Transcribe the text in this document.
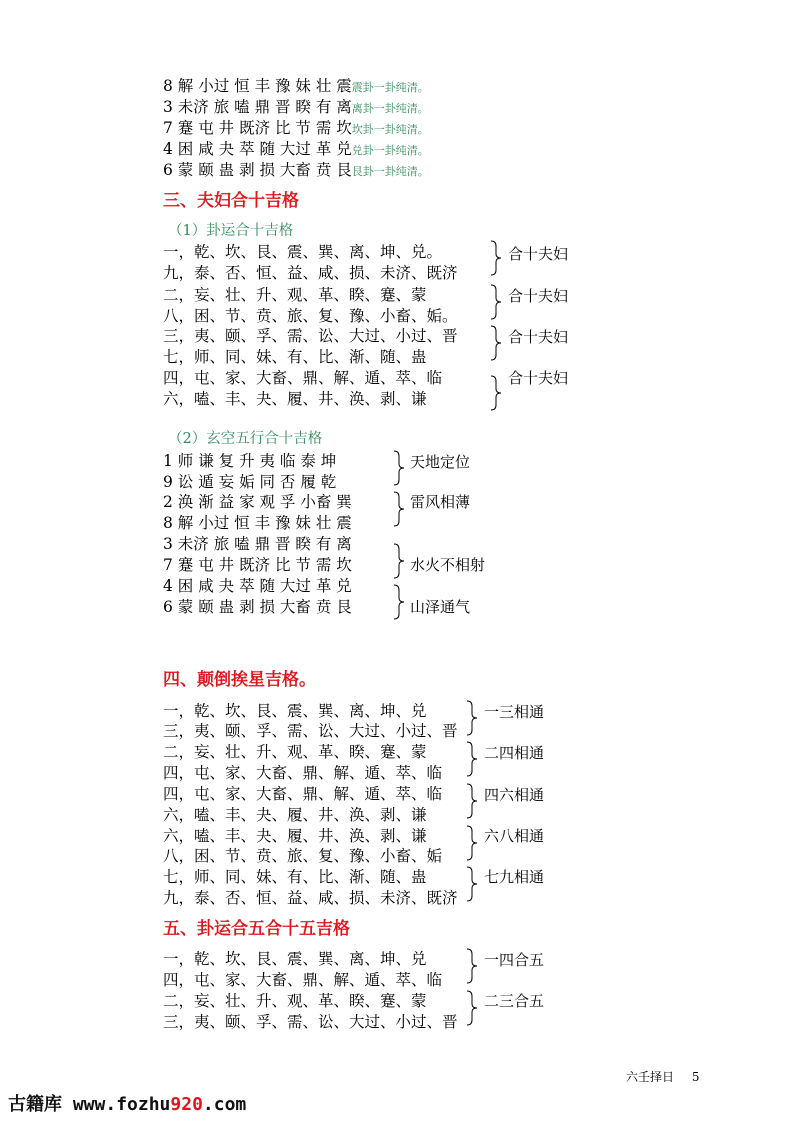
8 解 小过 恒 丰 豫 妹 壮 震震卦一卦纯清。
3 未济 旅 嗑 鼎 晋 睽 有 离离卦一卦纯清。
7 蹇 屯 井 既济 比 节 需 坎坎卦一卦纯清。
4 困 咸 夬 萃 随 大过 革 兑兑卦一卦纯清。
6 蒙 颐 蛊 剥 损 大畜 贲 艮艮卦一卦纯清。
三、夫妇合十吉格
（1）卦运合十吉格
一，乾、坎、艮、震、巽、离、坤、兑。
九，泰、否、恒、益、咸、损、未济、既济
二，妄、壮、升、观、革、睽、蹇、蒙
八，困、节、贲、旅、复、豫、小畜、姤。
三，夷、颐、孚、需、讼、大过、小过、晋
七，师、同、妹、有、比、渐、随、蛊
四，屯、家、大畜、鼎、解、遁、萃、临
六，嗑、丰、夬、履、井、涣、剥、谦
合十夫妇
合十夫妇
合十夫妇
合十夫妇
（2）玄空五行合十吉格
1 师 谦 复 升 夷 临 泰 坤
9 讼 遁 妄 姤 同 否 履 乾
2 涣 渐 益 家 观 孚 小畜 巽
8 解 小过 恒 丰 豫 妹 壮 震
3 未济 旅 嗑 鼎 晋 睽 有 离
7 蹇 屯 井 既济 比 节 需 坎
4 困 咸 夬 萃 随 大过 革 兑
6 蒙 颐 蛊 剥 损 大畜 贲 艮
天地定位
雷风相薄
水火不相射
山泽通气
四、颠倒挨星吉格。
一，乾、坎、艮、震、巽、离、坤、兑
三，夷、颐、孚、需、讼、大过、小过、晋
二，妄、壮、升、观、革、睽、蹇、蒙
四，屯、家、大畜、鼎、解、遁、萃、临
四，屯、家、大畜、鼎、解、遁、萃、临
六，嗑、丰、夬、履、井、涣、剥、谦
六，嗑、丰、夬、履、井、涣、剥、谦
八，困、节、贲、旅、复、豫、小畜、姤
七，师、同、妹、有、比、渐、随、蛊
九，泰、否、恒、益、咸、损、未济、既济
一三相通
二四相通
四六相通
六八相通
七九相通
五、卦运合五合十五吉格
一，乾、坎、艮、震、巽、离、坤、兑
四，屯、家、大畜、鼎、解、遁、萃、临
二，妄、壮、升、观、革、睽、蹇、蒙
三，夷、颐、孚、需、讼、大过、小过、晋
一四合五
二三合五
六壬择日 5
古籍库 www.fozhu920.com
